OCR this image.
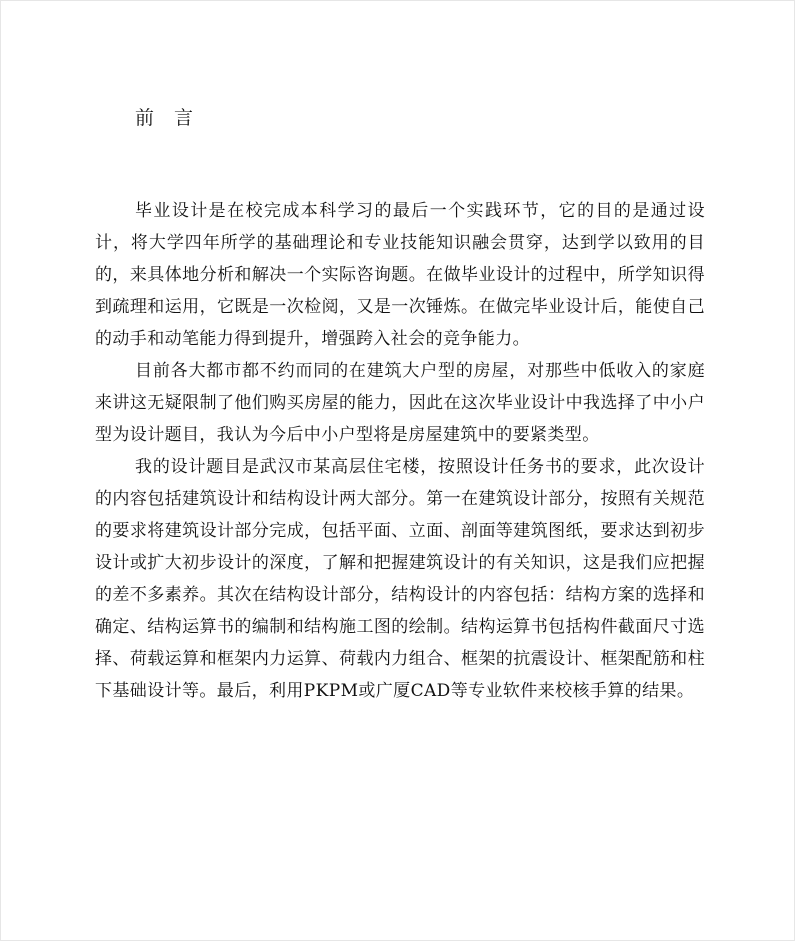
前言

毕业设计是在校完成本科学习的最后一个实践环节，它的目的是通过设计，将大学四年所学的基础理论和专业技能知识融会贯穿，达到学以致用的目的，来具体地分析和解决一个实际咨询题。在做毕业设计的过程中，所学知识得到疏理和运用，它既是一次检阅，又是一次锤炼。在做完毕业设计后，能使自己的动手和动笔能力得到提升，增强跨入社会的竞争能力。

目前各大都市都不约而同的在建筑大户型的房屋，对那些中低收入的家庭来讲这无疑限制了他们购买房屋的能力，因此在这次毕业设计中我选择了中小户型为设计题目，我认为今后中小户型将是房屋建筑中的要紧类型。

我的设计题目是武汉市某高层住宅楼，按照设计任务书的要求，此次设计的内容包括建筑设计和结构设计两大部分。第一在建筑设计部分，按照有关规范的要求将建筑设计部分完成，包括平面、立面、剖面等建筑图纸，要求达到初步设计或扩大初步设计的深度，了解和把握建筑设计的有关知识，这是我们应把握的差不多素养。其次在结构设计部分，结构设计的内容包括：结构方案的选择和确定、结构运算书的编制和结构施工图的绘制。结构运算书包括构件截面尺寸选择、荷载运算和框架内力运算、荷载内力组合、框架的抗震设计、框架配筋和柱下基础设计等。最后，利用PKPM或广厦CAD等专业软件来校核手算的结果。
